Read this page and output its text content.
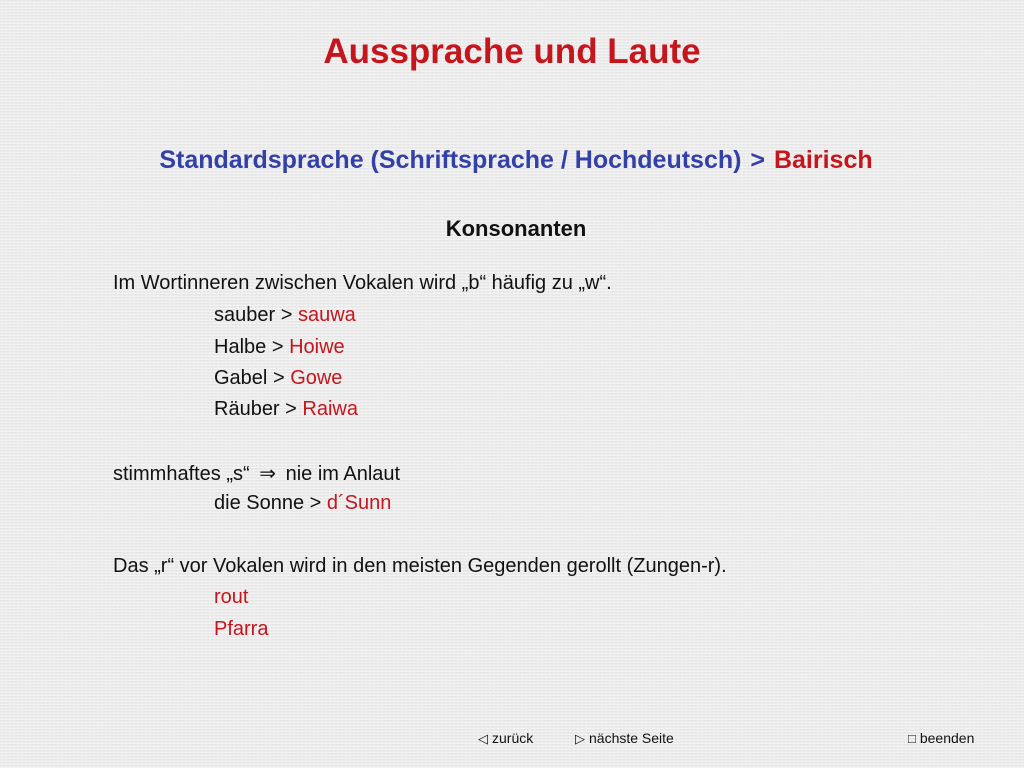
Aussprache und Laute
Standardsprache (Schriftsprache / Hochdeutsch) > Bairisch
Konsonanten
Im Wortinneren zwischen Vokalen wird „b“ häufig zu „w“.
sauber > sauwa
Halbe > Hoiwe
Gabel > Gowe
Räuber > Raiwa
stimmhaftes „s“ ⇒ nie im Anlaut
die Sonne > d´Sunn
Das „r“ vor Vokalen wird in den meisten Gegenden gerollt (Zungen-r).
rout
Pfarra
◁ zurück	▷ nächste Seite	□ beenden
